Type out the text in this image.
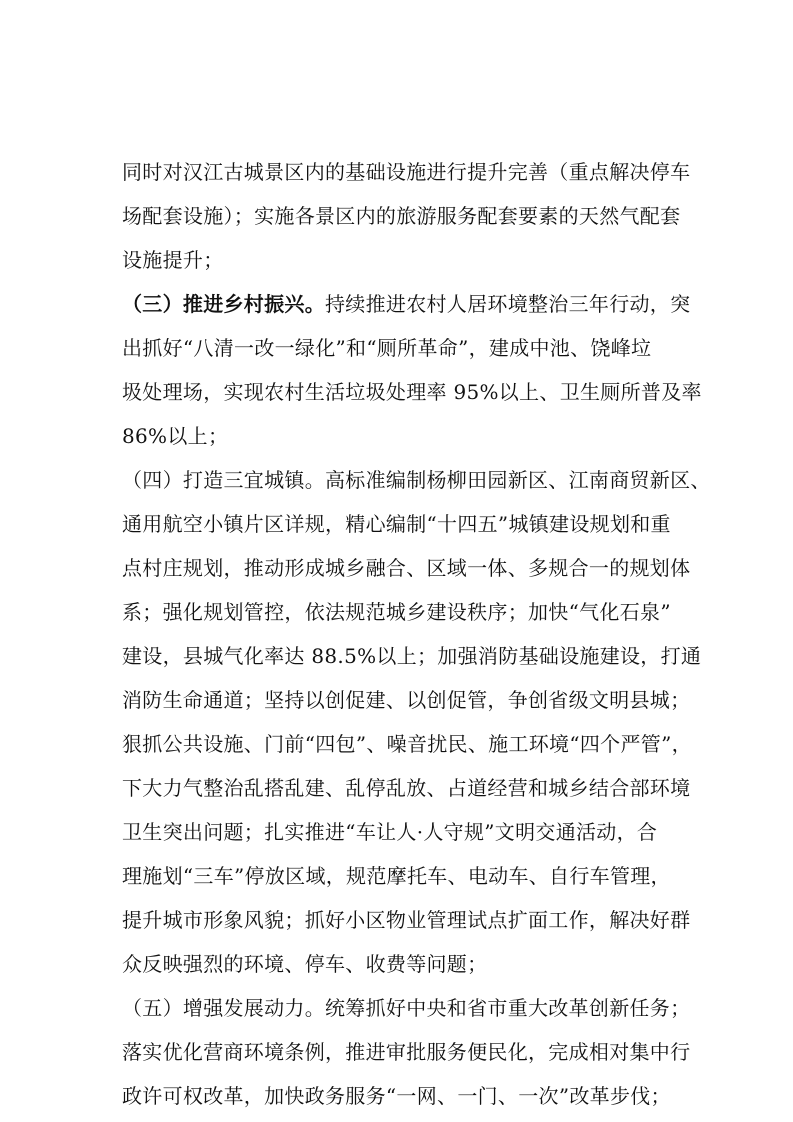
同时对汉江古城景区内的基础设施进行提升完善（重点解决停车
场配套设施）；实施各景区内的旅游服务配套要素的天然气配套
设施提升；
（三）推进乡村振兴。持续推进农村人居环境整治三年行动，突
出抓好“八清一改一绿化”和“厕所革命”，建成中池、饶峰垃
圾处理场，实现农村生活垃圾处理率 95%以上、卫生厕所普及率
86%以上；
（四）打造三宜城镇。高标准编制杨柳田园新区、江南商贸新区、
通用航空小镇片区详规，精心编制“十四五”城镇建设规划和重
点村庄规划，推动形成城乡融合、区域一体、多规合一的规划体
系；强化规划管控，依法规范城乡建设秩序；加快“气化石泉”
建设，县城气化率达 88.5%以上；加强消防基础设施建设，打通
消防生命通道；坚持以创促建、以创促管，争创省级文明县城；
狠抓公共设施、门前“四包”、噪音扰民、施工环境“四个严管”，
下大力气整治乱搭乱建、乱停乱放、占道经营和城乡结合部环境
卫生突出问题；扎实推进“车让人·人守规”文明交通活动，合
理施划“三车”停放区域，规范摩托车、电动车、自行车管理，
提升城市形象风貌；抓好小区物业管理试点扩面工作，解决好群
众反映强烈的环境、停车、收费等问题；
（五）增强发展动力。统筹抓好中央和省市重大改革创新任务；
落实优化营商环境条例，推进审批服务便民化，完成相对集中行
政许可权改革，加快政务服务“一网、一门、一次”改革步伐；
